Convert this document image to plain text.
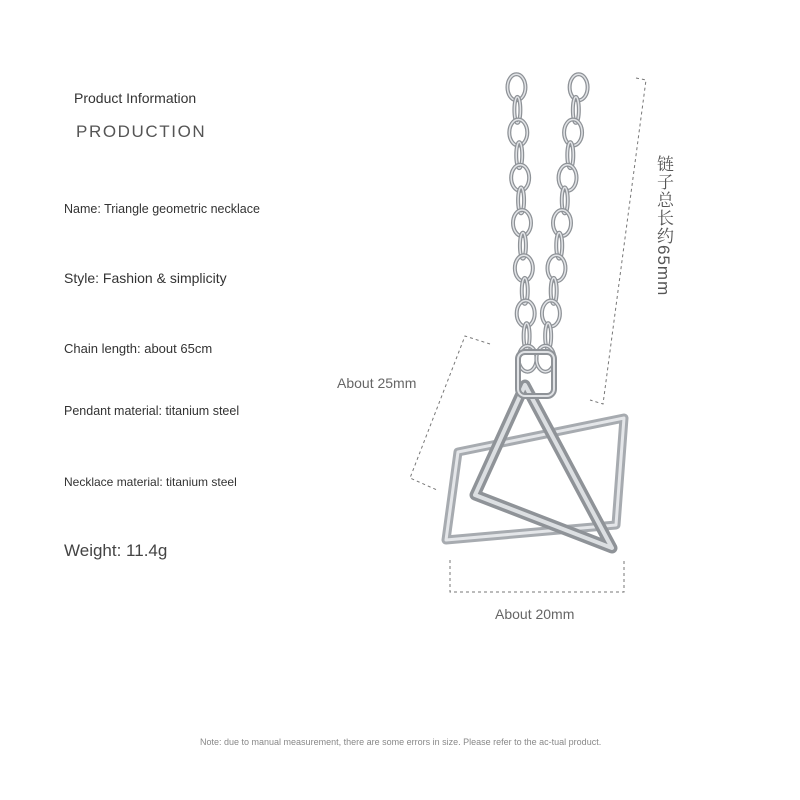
Product Information
PRODUCTION
Name: Triangle geometric necklace
Style: Fashion & simplicity
Chain length: about 65cm
Pendant material: titanium steel
Necklace material: titanium steel
Weight: 11.4g
About 25mm
About 20mm
链子总长约65mm
Note: due to manual measurement, there are some errors in size. Please refer to the ac-tual product.
